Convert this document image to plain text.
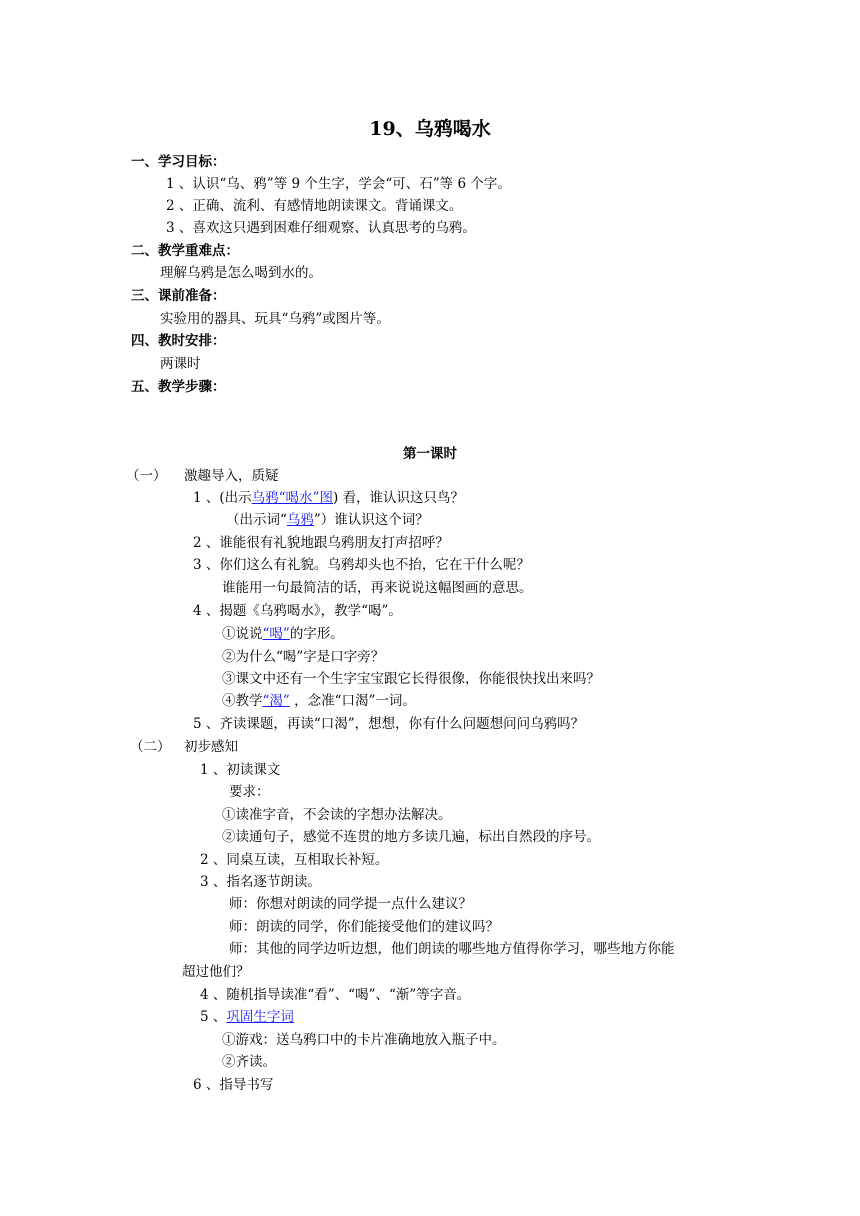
19、乌鸦喝水
一、学习目标：
1 、认识“乌、鸦”等 9 个生字，学会“可、石”等 6 个字。
2 、正确、流利、有感情地朗读课文。背诵课文。
3 、喜欢这只遇到困难仔细观察、认真思考的乌鸦。
二、教学重难点：
理解乌鸦是怎么喝到水的。
三、课前准备：
实验用的器具、玩具“乌鸦”或图片等。
四、教时安排：
两课时
五、教学步骤：
第一课时
（一） 激趣导入，质疑
1 、(出示乌鸦“喝水”图) 看，谁认识这只鸟？
（出示词“乌鸦”）谁认识这个词？
2 、谁能很有礼貌地跟乌鸦朋友打声招呼？
3 、你们这么有礼貌。乌鸦却头也不抬，它在干什么呢？
谁能用一句最简洁的话，再来说说这幅图画的意思。
4 、揭题《乌鸦喝水》，教学“喝”。
①说说“喝”的字形。
②为什么“喝”字是口字旁？
③课文中还有一个生字宝宝跟它长得很像，你能很快找出来吗？
④教学“渴” ，念准“口渴”一词。
5 、齐读课题，再读“口渴”，想想，你有什么问题想问问乌鸦吗？
（二） 初步感知
1 、初读课文
要求：
①读准字音，不会读的字想办法解决。
②读通句子，感觉不连贯的地方多读几遍，标出自然段的序号。
2 、同桌互读，互相取长补短。
3 、指名逐节朗读。
师：你想对朗读的同学提一点什么建议？
师：朗读的同学，你们能接受他们的建议吗？
师：其他的同学边听边想，他们朗读的哪些地方值得你学习，哪些地方你能
超过他们？
4 、随机指导读准“看”、“喝”、“渐”等字音。
5 、巩固生字词
①游戏：送乌鸦口中的卡片准确地放入瓶子中。
②齐读。
6 、指导书写
